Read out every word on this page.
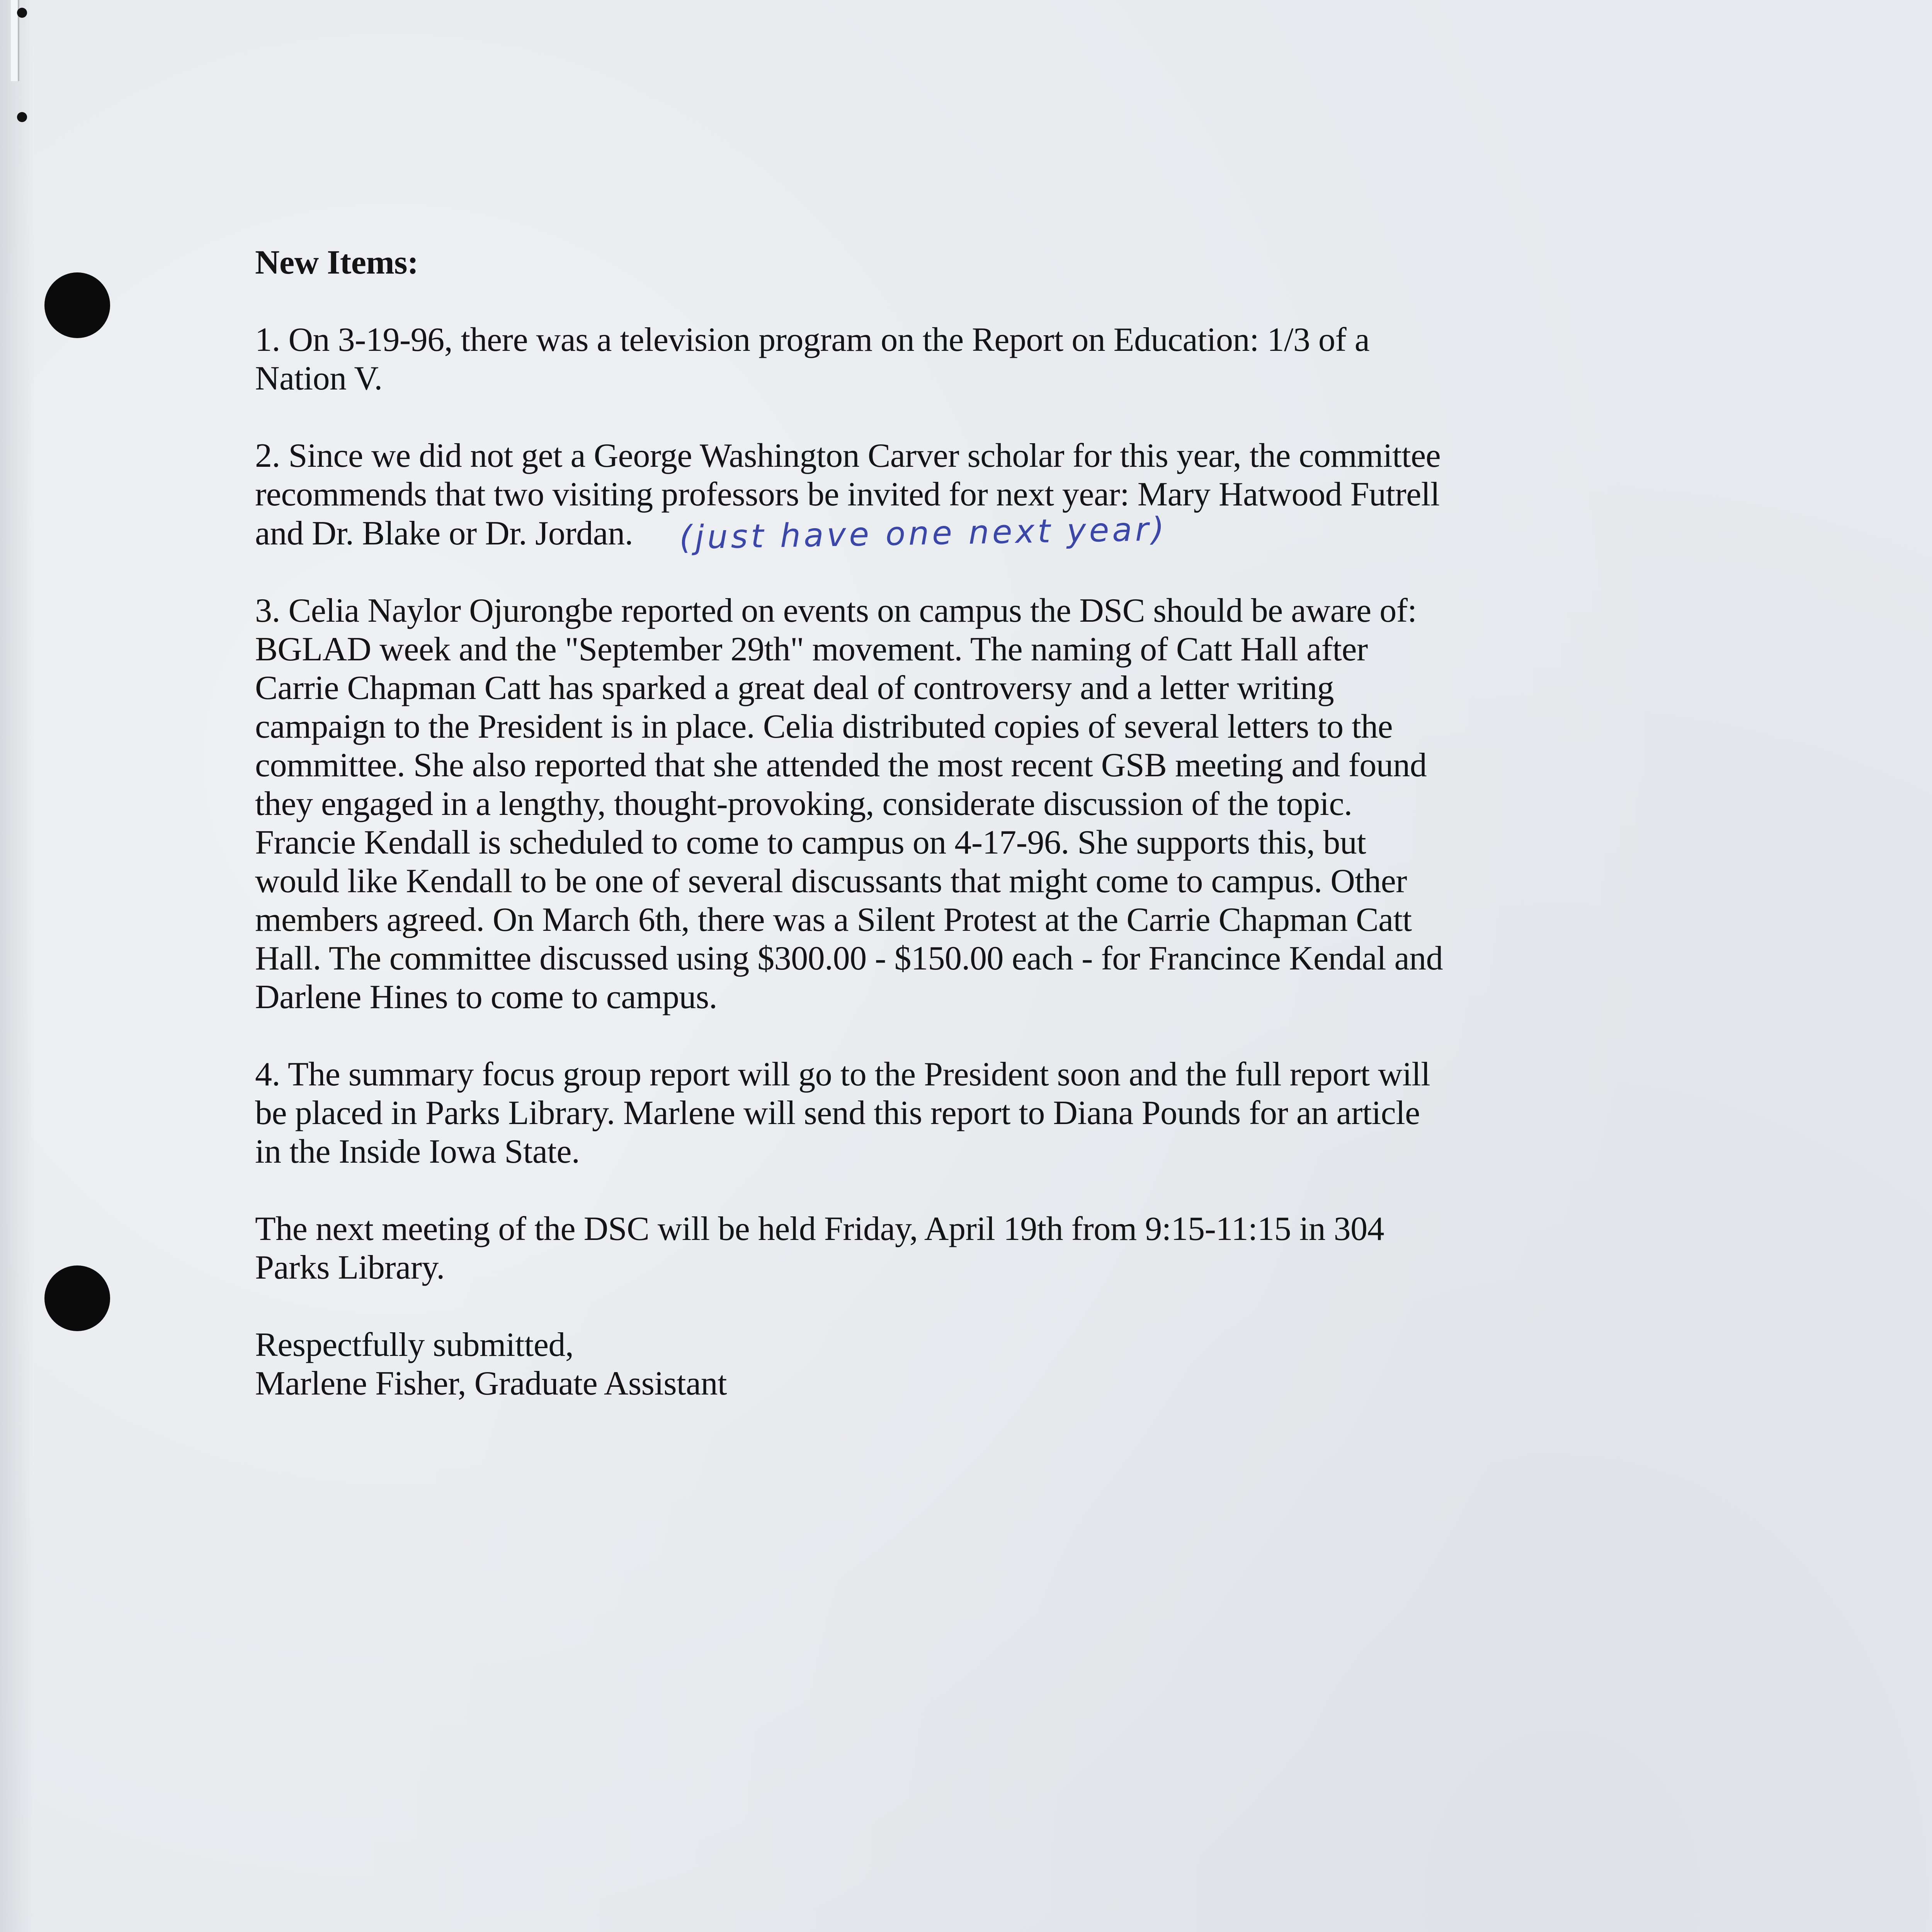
New Items:
1. On 3-19-96, there was a television program on the Report on Education: 1/3 of a
Nation V.
2. Since we did not get a George Washington Carver scholar for this year, the committee
recommends that two visiting professors be invited for next year: Mary Hatwood Futrell
and Dr. Blake or Dr. Jordan. (just have one next year)
3. Celia Naylor Ojurongbe reported on events on campus the DSC should be aware of:
BGLAD week and the "September 29th" movement. The naming of Catt Hall after
Carrie Chapman Catt has sparked a great deal of controversy and a letter writing
campaign to the President is in place. Celia distributed copies of several letters to the
committee. She also reported that she attended the most recent GSB meeting and found
they engaged in a lengthy, thought-provoking, considerate discussion of the topic.
Francie Kendall is scheduled to come to campus on 4-17-96. She supports this, but
would like Kendall to be one of several discussants that might come to campus. Other
members agreed. On March 6th, there was a Silent Protest at the Carrie Chapman Catt
Hall. The committee discussed using $300.00 - $150.00 each - for Francince Kendal and
Darlene Hines to come to campus.
4. The summary focus group report will go to the President soon and the full report will
be placed in Parks Library. Marlene will send this report to Diana Pounds for an article
in the Inside Iowa State.
The next meeting of the DSC will be held Friday, April 19th from 9:15-11:15 in 304
Parks Library.
Respectfully submitted,
Marlene Fisher, Graduate Assistant
